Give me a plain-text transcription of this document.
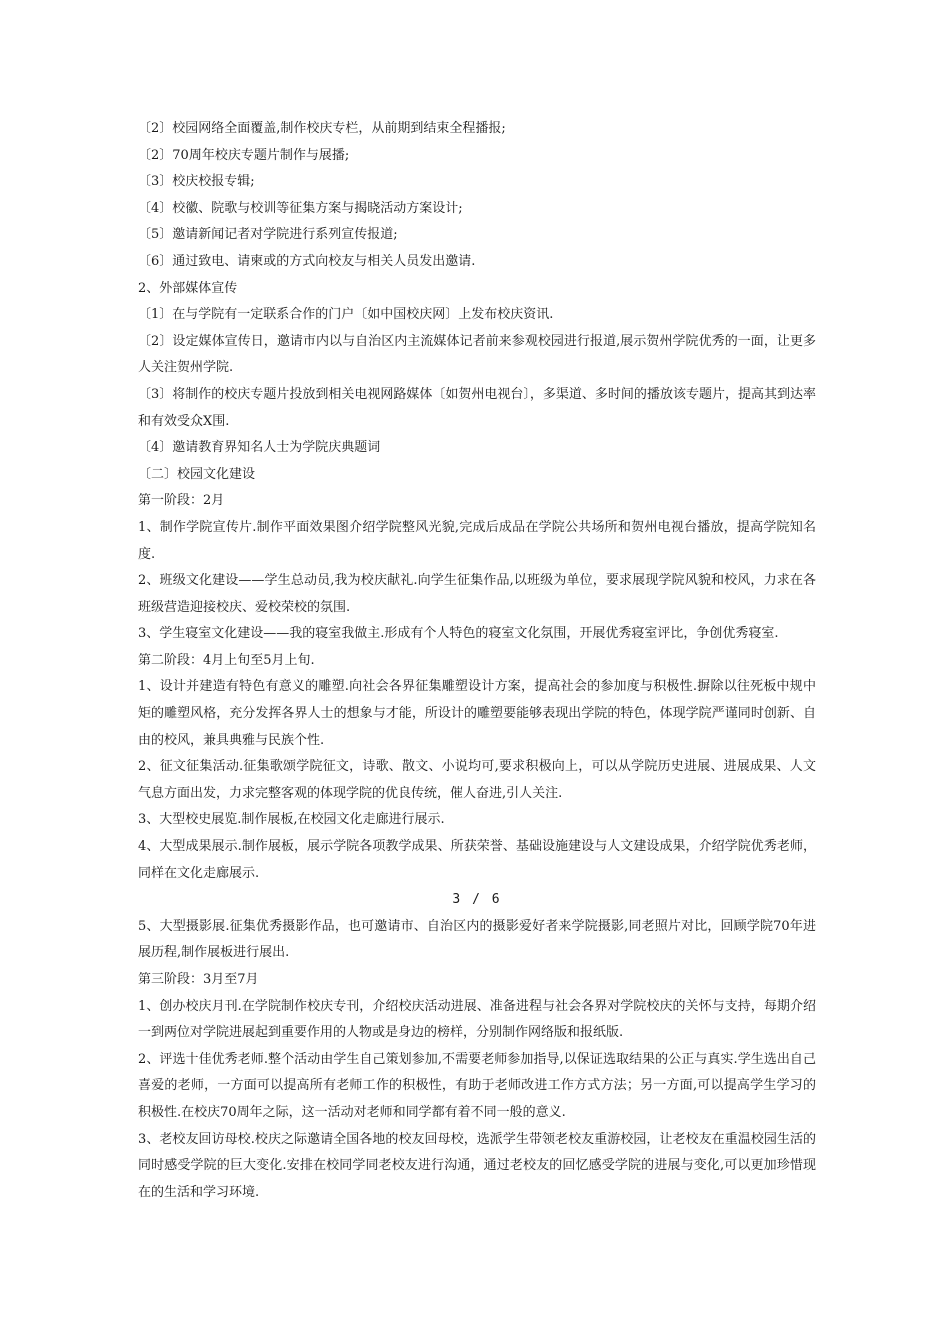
〔2〕校园网络全面覆盖,制作校庆专栏，从前期到结束全程播报;

〔2〕70周年校庆专题片制作与展播;

〔3〕校庆校报专辑;

〔4〕校徽、院歌与校训等征集方案与揭晓活动方案设计;

〔5〕邀请新闻记者对学院进行系列宣传报道;

〔6〕通过致电、请柬或的方式向校友与相关人员发出邀请.

2、外部媒体宣传

〔1〕在与学院有一定联系合作的门户〔如中国校庆网〕上发布校庆资讯.

〔2〕设定媒体宣传日，邀请市内以与自治区内主流媒体记者前来参观校园进行报道,展示贺州学院优秀的一面，让更多人关注贺州学院.

〔3〕将制作的校庆专题片投放到相关电视网路媒体〔如贺州电视台〕，多渠道、多时间的播放该专题片，提高其到达率和有效受众X围.

〔4〕邀请教育界知名人士为学院庆典题词

〔二〕校园文化建设

第一阶段：2月

1、制作学院宣传片.制作平面效果图介绍学院整风光貌,完成后成品在学院公共场所和贺州电视台播放，提高学院知名度.

2、班级文化建设——学生总动员,我为校庆献礼.向学生征集作品,以班级为单位，要求展现学院风貌和校风，力求在各班级营造迎接校庆、爱校荣校的氛围.

3、学生寝室文化建设——我的寝室我做主.形成有个人特色的寝室文化氛围，开展优秀寝室评比，争创优秀寝室.

第二阶段：4月上旬至5月上旬.

1、设计并建造有特色有意义的雕塑.向社会各界征集雕塑设计方案，提高社会的参加度与积极性.摒除以往死板中规中矩的雕塑风格，充分发挥各界人士的想象与才能，所设计的雕塑要能够表现出学院的特色，体现学院严谨同时创新、自由的校风，兼具典雅与民族个性.

2、征文征集活动.征集歌颂学院征文，诗歌、散文、小说均可,要求积极向上，可以从学院历史进展、进展成果、人文气息方面出发，力求完整客观的体现学院的优良传统，催人奋进,引人关注.

3、大型校史展览.制作展板,在校园文化走廊进行展示.

4、大型成果展示.制作展板，展示学院各项教学成果、所获荣誉、基础设施建设与人文建设成果，介绍学院优秀老师，同样在文化走廊展示.

3 / 6

5、大型摄影展.征集优秀摄影作品，也可邀请市、自治区内的摄影爱好者来学院摄影,同老照片对比，回顾学院70年进展历程,制作展板进行展出.

第三阶段：3月至7月

1、创办校庆月刊.在学院制作校庆专刊，介绍校庆活动进展、准备进程与社会各界对学院校庆的关怀与支持，每期介绍一到两位对学院进展起到重要作用的人物或是身边的榜样，分别制作网络版和报纸版.

2、评选十佳优秀老师.整个活动由学生自己策划参加,不需要老师参加指导,以保证选取结果的公正与真实.学生选出自己喜爱的老师，一方面可以提高所有老师工作的积极性，有助于老师改进工作方式方法；另一方面,可以提高学生学习的积极性.在校庆70周年之际，这一活动对老师和同学都有着不同一般的意义.

3、老校友回访母校.校庆之际邀请全国各地的校友回母校，选派学生带领老校友重游校园，让老校友在重温校园生活的同时感受学院的巨大变化.安排在校同学同老校友进行沟通，通过老校友的回忆感受学院的进展与变化,可以更加珍惜现在的生活和学习环境.
